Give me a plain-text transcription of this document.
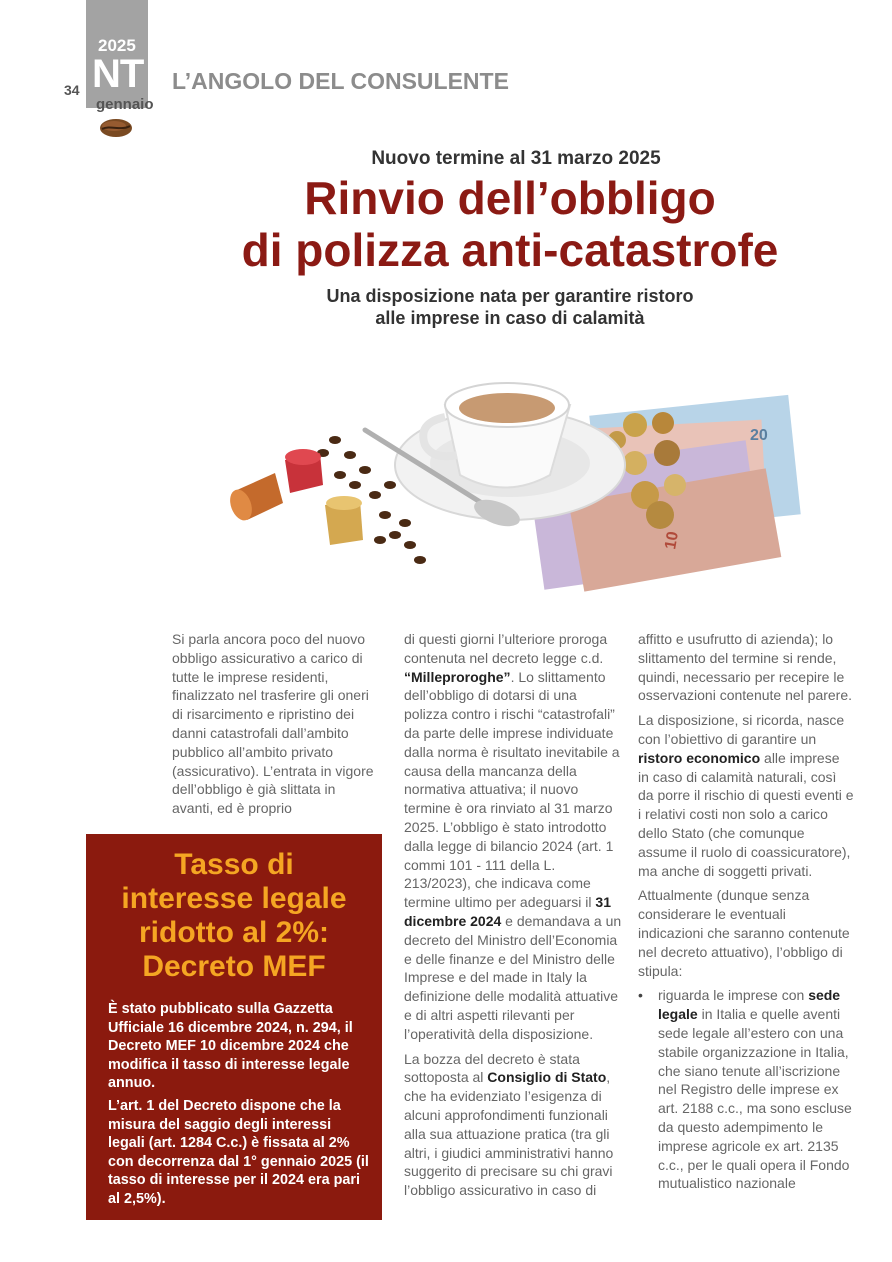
2025
NT
gennaio
34	L’ANGOLO DEL CONSULENTE
Nuovo termine al 31 marzo 2025
Rinvio dell’obbligo
di polizza anti-catastrofe
Una disposizione nata per garantire ristoro
alle imprese in caso di calamità
20
10

Si parla ancora poco del nuovo obbligo assicurativo a carico di tutte le imprese residenti, finalizzato nel trasferire gli oneri di risarcimento e ripristino dei danni catastrofali dall’ambito pubblico all’ambito privato (assicurativo). L’entrata in vigore dell’obbligo è già slittata in avanti, ed è proprio

di questi giorni l’ulteriore proroga contenuta nel decreto legge c.d. “Milleproroghe”. Lo slittamento dell’obbligo di dotarsi di una polizza contro i rischi “catastrofali” da parte delle imprese individuate dalla norma è risultato inevitabile a causa della mancanza della normativa attuativa; il nuovo termine è ora rinviato al 31 marzo 2025. L’obbligo è stato introdotto dalla legge di bilancio 2024 (art. 1 commi 101 - 111 della L. 213/2023), che indicava come termine ultimo per adeguarsi il 31 dicembre 2024 e demandava a un decreto del Ministro dell’Economia e delle finanze e del Ministro delle Imprese e del made in Italy la definizione delle modalità attuative e di altri aspetti rilevanti per l’operatività della disposizione.

La bozza del decreto è stata sottoposta al Consiglio di Stato, che ha evidenziato l’esigenza di alcuni approfondimenti funzionali alla sua attuazione pratica (tra gli altri, i giudici amministrativi hanno suggerito di precisare su chi gravi l’obbligo assicurativo in caso di

affitto e usufrutto di azienda); lo slittamento del termine si rende, quindi, necessario per recepire le osservazioni contenute nel parere.

La disposizione, si ricorda, nasce con l’obiettivo di garantire un ristoro economico alle imprese in caso di calamità naturali, così da porre il rischio di questi eventi e i relativi costi non solo a carico dello Stato (che comunque assume il ruolo di coassicuratore), ma anche di soggetti privati.

Attualmente (dunque senza considerare le eventuali indicazioni che saranno contenute nel decreto attuativo), l’obbligo di stipula:

• riguarda le imprese con sede legale in Italia e quelle aventi sede legale all’estero con una stabile organizzazione in Italia, che siano tenute all’iscrizione nel Registro delle imprese ex art. 2188 c.c., ma sono escluse da questo adempimento le imprese agricole ex art. 2135 c.c., per le quali opera il Fondo mutualistico nazionale
Tasso di
interesse legale
ridotto al 2%:
Decreto MEF

È stato pubblicato sulla Gazzetta Ufficiale 16 dicembre 2024, n. 294, il Decreto MEF 10 dicembre 2024 che modifica il tasso di interesse legale annuo.

L’art. 1 del Decreto dispone che la misura del saggio degli interessi legali (art. 1284 C.c.) è fissata al 2% con decorrenza dal 1° gennaio 2025 (il tasso di interesse per il 2024 era pari al 2,5%).
